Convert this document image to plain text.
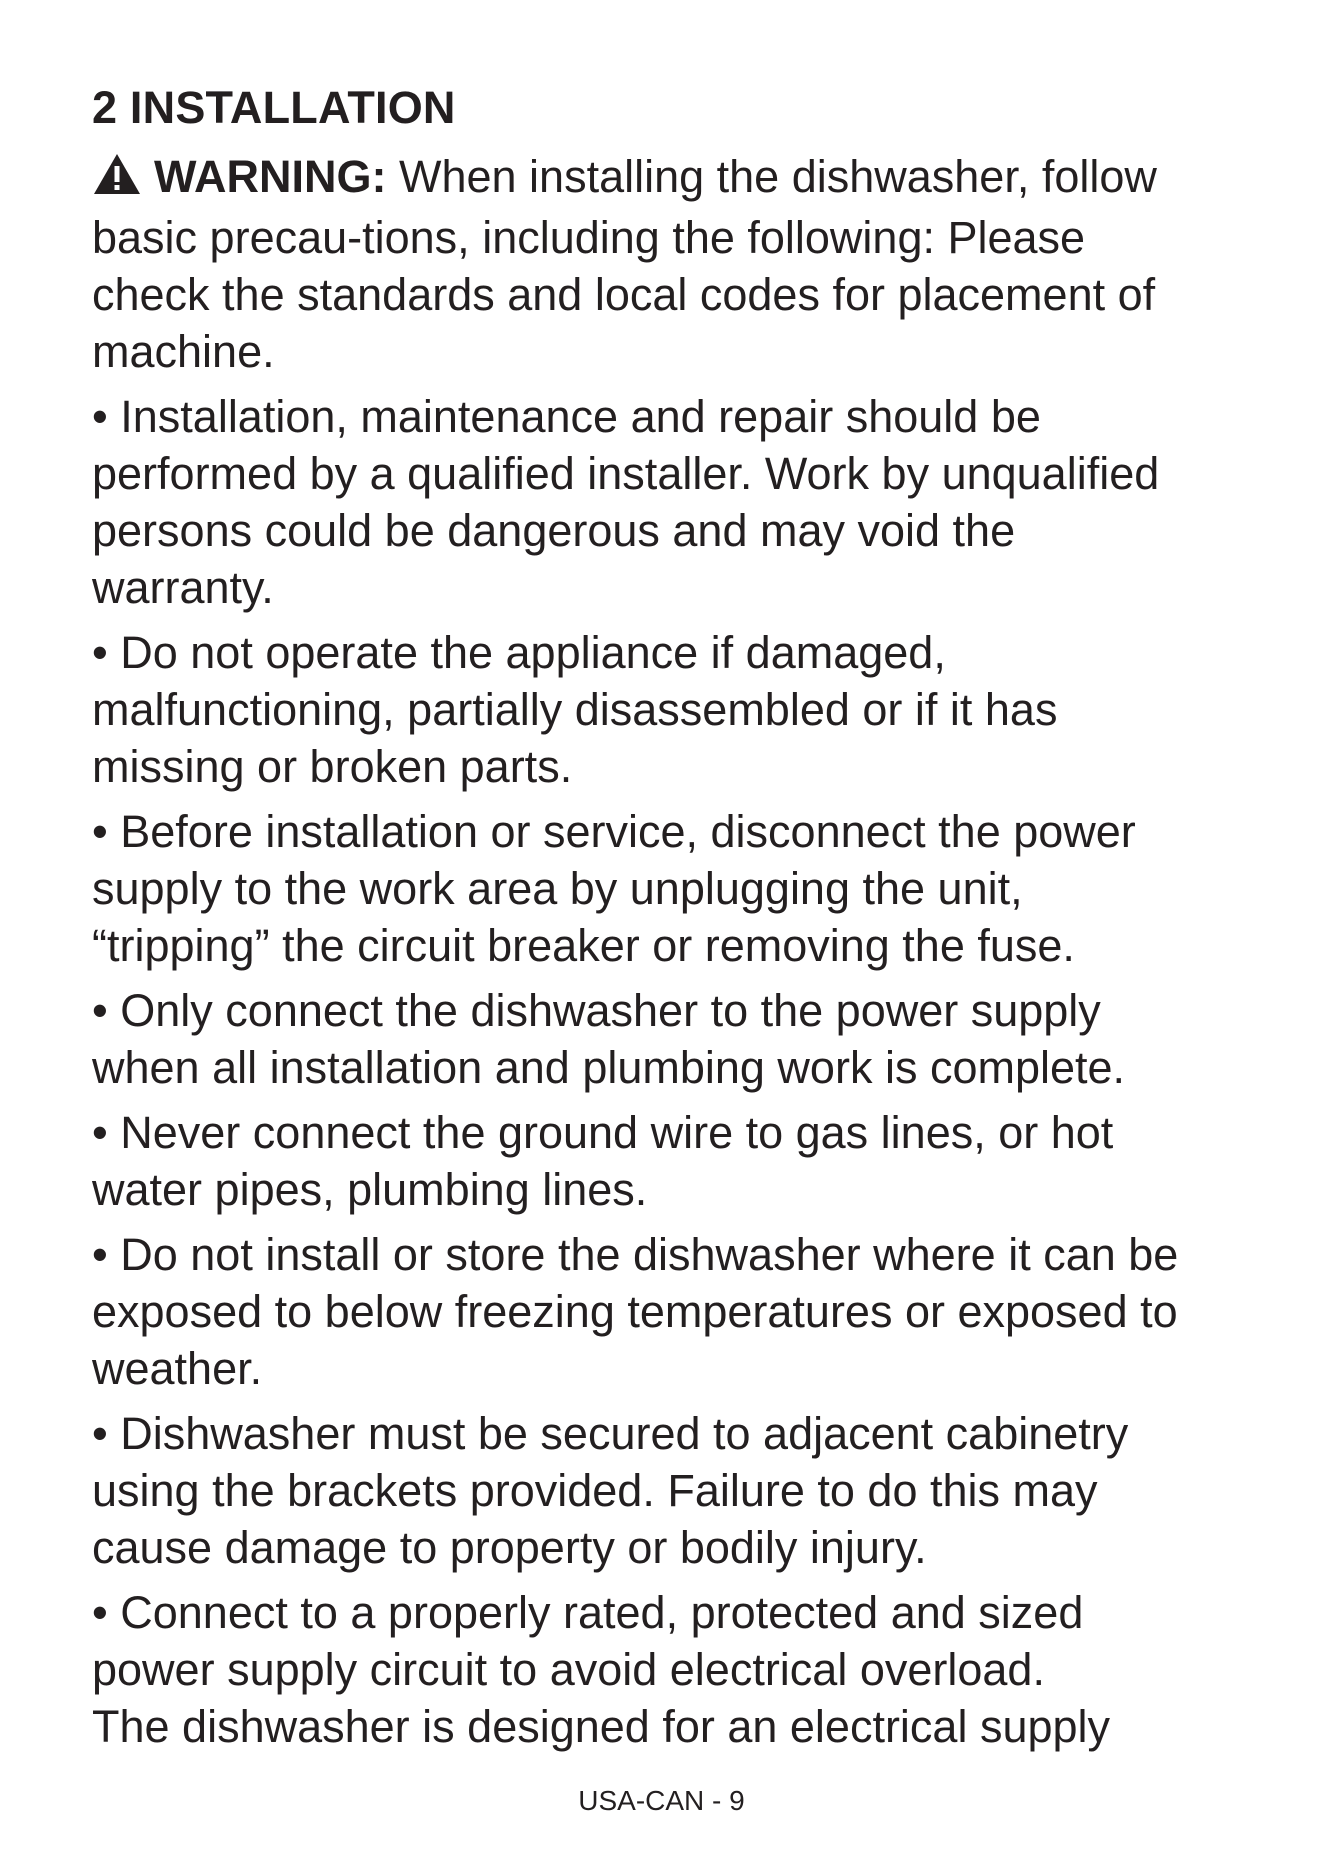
2 INSTALLATION
WARNING: When installing the dishwasher, follow
basic precau-tions, including the following: Please
check the standards and local codes for placement of
machine.
• Installation, maintenance and repair should be
performed by a qualified installer. Work by unqualified
persons could be dangerous and may void the
warranty.
• Do not operate the appliance if damaged,
malfunctioning, partially disassembled or if it has
missing or broken parts.
• Before installation or service, disconnect the power
supply to the work area by unplugging the unit,
“tripping” the circuit breaker or removing the fuse.
• Only connect the dishwasher to the power supply
when all installation and plumbing work is complete.
• Never connect the ground wire to gas lines, or hot
water pipes, plumbing lines.
• Do not install or store the dishwasher where it can be
exposed to below freezing temperatures or exposed to
weather.
• Dishwasher must be secured to adjacent cabinetry
using the brackets provided. Failure to do this may
cause damage to property or bodily injury.
• Connect to a properly rated, protected and sized
power supply circuit to avoid electrical overload.
The dishwasher is designed for an electrical supply
USA-CAN - 9
